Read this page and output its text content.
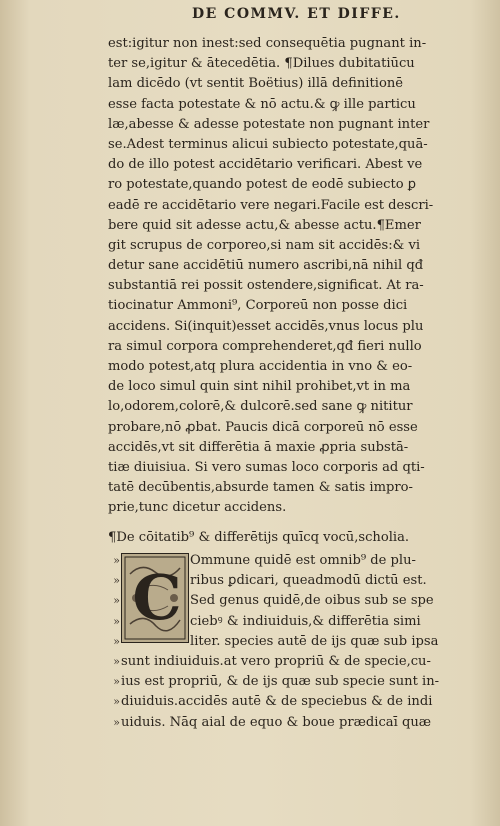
DE COMMV. ET DIFFE.
est:igitur non inest:sed consequētia pugnant in-
ter se,igitur & ātecedētia. ¶Dilues dubitatiūcu
lam dicēdo (vt sentit Boëtius) illā definitionē
esse facta potestate & nō actu.& ꝙ ille particu
læ,abesse & adesse potestate non pugnant inter
se.Adest terminus alicui subiecto potestate,quā-
do de illo potest accidētario verificari. Abest ve
ro potestate,quando potest de eodē subiecto ꝑ
eadē re accidētario vere negari.Facile est descri-
bere quid sit adesse actu,& abesse actu.¶Emer
git scrupus de corporeo,si nam sit accidēs:& vi
detur sane accidētiū numero ascribi,nā nihil qđ
substantiā rei possit ostendere,significat. At ra-
tiocinatur Ammoni⁹, Corporeū non posse dici
accidens. Si(inquit)esset accidēs,vnus locus plu
ra simul corpora comprehenderet,qđ fieri nullo
modo potest,atq plura accidentia in vno & eo-
de loco simul quin sint nihil prohibet,vt in ma
lo,odorem,colorē,& dulcorē.sed sane ꝙ nititur
probare,nō ꝓbat. Paucis dicā corporeū nō esse
accidēs,vt sit differētia ā maxie ꝓpria substā-
tiæ diuisiua. Si vero sumas loco corporis ad qti-
tatē decūbentis,absurde tamen & satis impro-
prie,tunc dicetur accidens.
¶De cōitatib⁹ & differētijs quīcq vocū,scholia.
»
»
»
»
»
»
»
»
»
C
Ommune quidē est omnib⁹ de plu-
ribus ꝑdicari, queadmodū dictū est.
Sed genus quidē,de oibus sub se spe
ciebꝰ & indiuiduis,& differētia simi
liter. species autē de ijs quæ sub ipsa
sunt indiuiduis.at vero propriū & de specie,cu-
ius est propriū, & de ijs quæ sub specie sunt in-
diuiduis.accidēs autē & de speciebus & de indi
uiduis. Nāq aial de equo & boue prædicaī quæ
